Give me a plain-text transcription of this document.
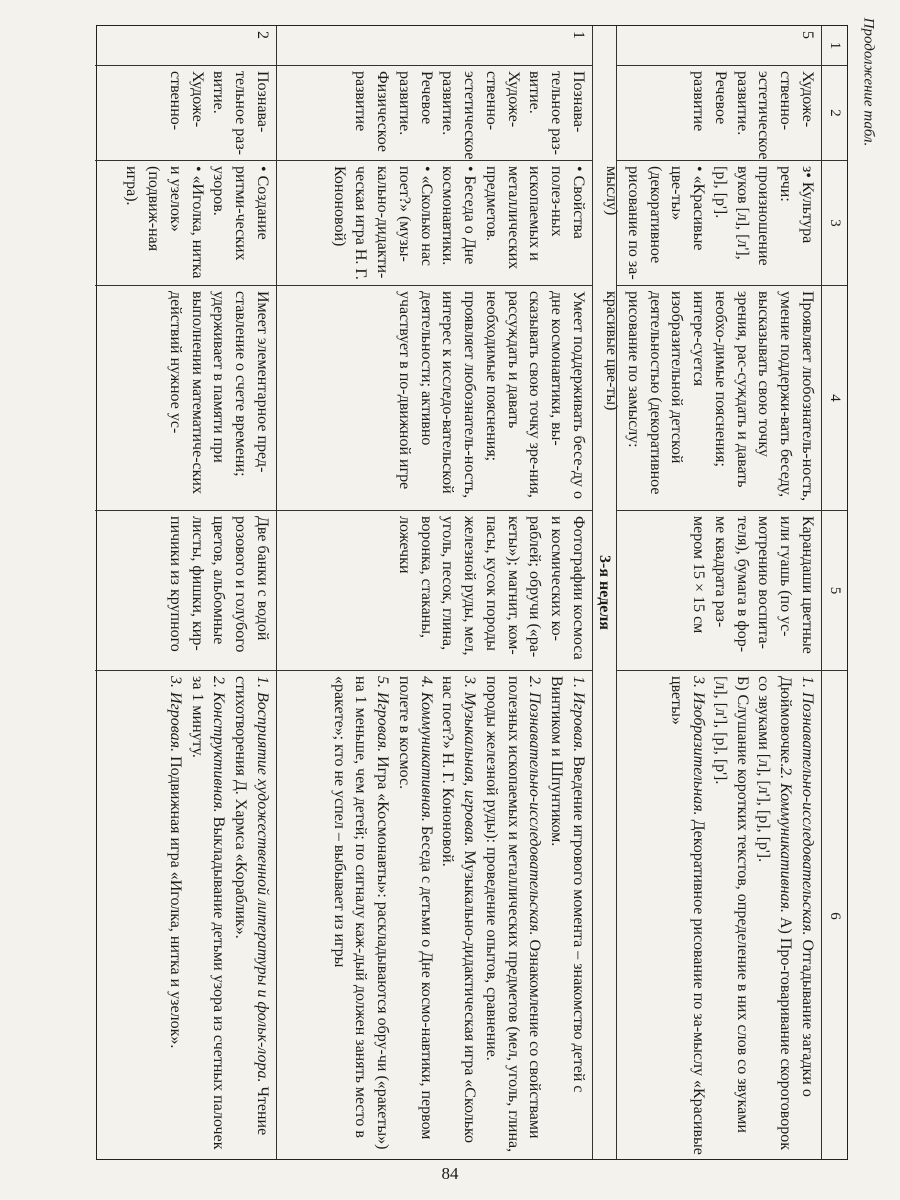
Продолжение табл.
1
2
3
4
5
6
5
Художе-ственно-эстетическое развитие. Речевое развитие
з• Культура речи: произношение вуков [л], [л'], [р], [р'].
• «Красивые цве-ты» (декоративное рисование по за-мыслу)
Проявляет любознатель-ность, умение поддержи-вать беседу, высказывать свою точку зрения, рас-суждать и давать необхо-димые пояснения; интере-суется изобразительной детской деятельностью (декоративное рисование по замыслу: красивые цве-ты)
Карандаши цветные или гуашь (по ус-мотрению воспита-теля), бумага в фор-ме квадрата раз-мером 15 × 15 см

1. Познавательно-исследовательская. Отгадывание загадки о Дюймовочке.2. Коммуникативная. А) Про-говаривание скороговорок со звуками [л], [л'], [р], [р'].

Б) Слушание коротких текстов, определение в них слов со звуками [л], [л'], [р], [р'].

3. Изобразительная. Декоративное рисование по за-мыслу «Красивые цветы»

3-я неделя
1
Познава-тельное раз-витие. Художе-ственно-эстетическое развитие. Речевое развитие. Физическое развитие
• Свойства полез-ных ископаемых и металлических предметов.
• Беседа о Дне космонавтики.
• «Сколько нас поет?» (музы-кально-дидакти-ческая игра Н. Г. Кононовой)
Умеет поддерживать бесе-ду о дне космонавтики, вы-сказывать свою точку зре-ния, рассуждать и давать необходимые пояснения; проявляет любознатель-ность, интерес к исследо-вательской деятельности; активно участвует в по-движной игре
Фотографии космоса и космических ко-раблей; обручи («ра-кеты»); магнит, ком-пасы, кусок породы железной руды, мел, уголь, песок, глина, воронка, стаканы, ложечки

1. Игровая. Введение игрового момента – знакомство детей с Винтиком и Шпунтиком.

2. Познавательно-исследовательская. Ознакомление со свойствами полезных ископаемых и металлических предметов (мел, уголь, глина, породы железной руды): проведение опытов, сравнение.

3. Музыкальная, игровая. Музыкально-дидактическая игра «Сколько нас поет?» Н. Г. Кононовой.

4. Коммуникативная. Беседа с детьми о Дне космо-навтики, первом полете в космос.

5. Игровая. Игра «Космонавты»: раскладываются обру-чи («ракеты») на 1 меньше, чем детей; по сигналу каж-дый должен занять место в «ракете»; кто не успел – выбывает из игры

2
Познава-тельное раз-витие. Художе-ственно-
• Создание ритми-ческих узоров.
• «Иголка, нитка и узелок» (подвиж-ная игра).
Имеет элементарное пред-ставление о счете времени; удерживает в памяти при выполнении математиче-ских действий нужное ус-
Две банки с водой розового и голубого цветов, альбомные листы, фишки, кир-пичики из крупного

1. Восприятие художественной литературы и фольк-лора. Чтение стихотворения Д. Хармса «Кораблик».

2. Конструктивная. Выкладывание детьми узора из счетных палочек за 1 минуту.

3. Игровая. Подвижная игра «Иголка, нитка и узелок».

84
